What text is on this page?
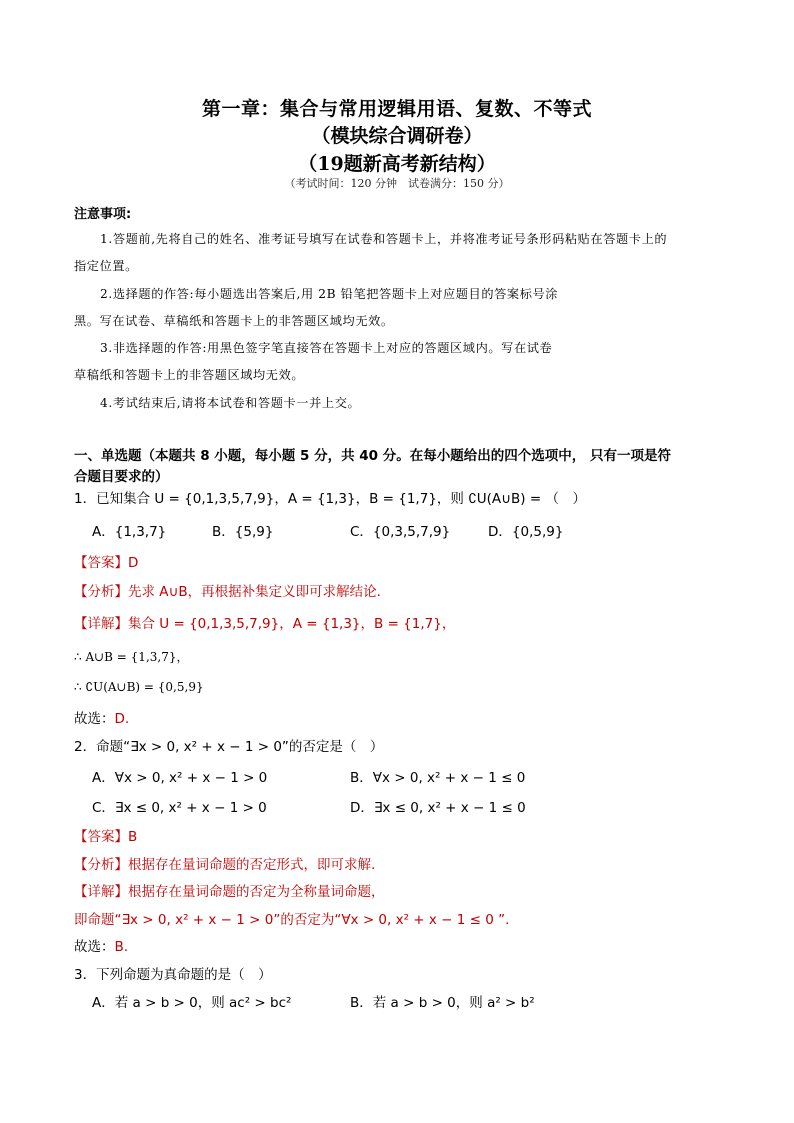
第一章：集合与常用逻辑用语、复数、不等式
（模块综合调研卷）
（19题新高考新结构）
（考试时间：120 分钟　试卷满分：150 分）
注意事项:
1.答题前,先将自己的姓名、准考证号填写在试卷和答题卡上，并将准考证号条形码粘贴在答题卡上的
指定位置。
2.选择题的作答:每小题选出答案后,用 2B 铅笔把答题卡上对应题目的答案标号涂
黑。写在试卷、草稿纸和答题卡上的非答题区域均无效。
3.非选择题的作答:用黑色签字笔直接答在答题卡上对应的答题区域内。写在试卷
草稿纸和答题卡上的非答题区域均无效。
4.考试结束后,请将本试卷和答题卡一并上交。
一、单选题（本题共 8 小题，每小题 5 分，共 40 分。在每小题给出的四个选项中， 只有一项是符
合题目要求的）
1．已知集合 U = {0,1,3,5,7,9}，A = {1,3}，B = {1,7}，则 ∁U(A∪B) = （　）
A．{1,3,7}	B．{5,9}	C．{0,3,5,7,9}	D．{0,5,9}
【答案】D
【分析】先求 A∪B，再根据补集定义即可求解结论.
【详解】集合 U = {0,1,3,5,7,9}，A = {1,3}，B = {1,7}，
∴ A∪B = {1,3,7}，
∴ ∁U(A∪B) = {0,5,9}
故选：D.
2．命题“∃x > 0, x² + x − 1 > 0”的否定是（　）
A．∀x > 0, x² + x − 1 > 0	B．∀x > 0, x² + x − 1 ≤ 0
C．∃x ≤ 0, x² + x − 1 > 0	D．∃x ≤ 0, x² + x − 1 ≤ 0
【答案】B
【分析】根据存在量词命题的否定形式，即可求解.
【详解】根据存在量词命题的否定为全称量词命题，
即命题“∃x > 0, x² + x − 1 > 0”的否定为“∀x > 0, x² + x − 1 ≤ 0 ”.
故选：B.
3．下列命题为真命题的是（　）
A．若 a > b > 0，则 ac² > bc²	B．若 a > b > 0，则 a² > b²
